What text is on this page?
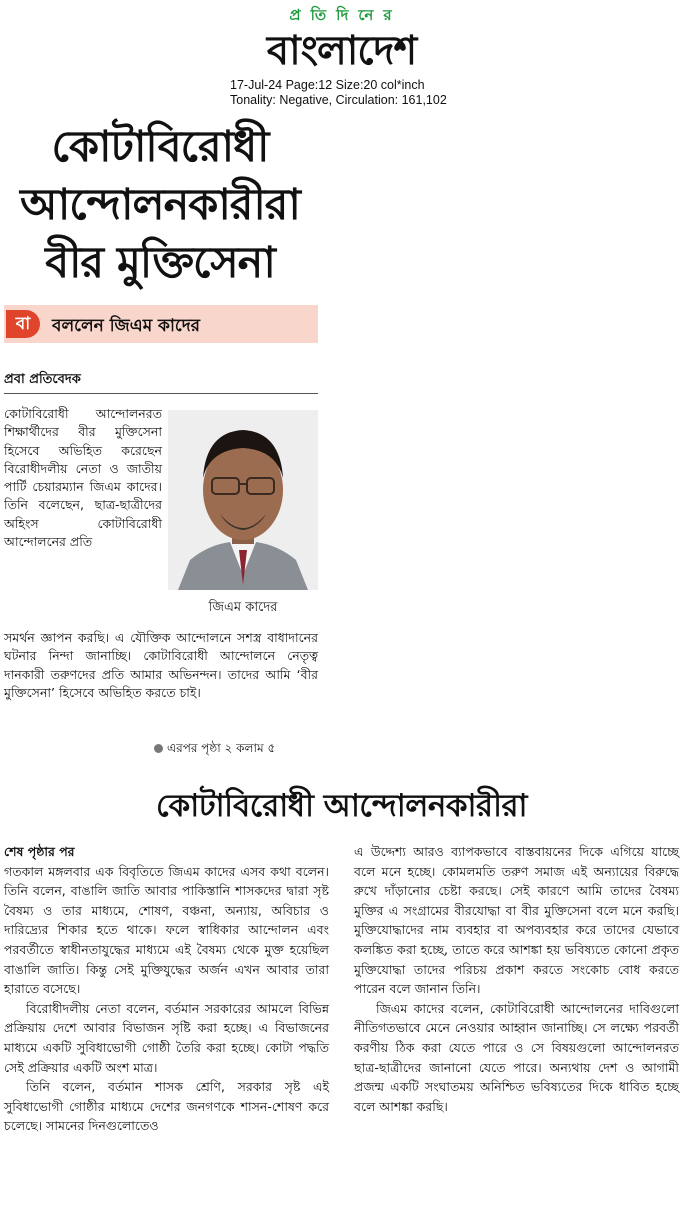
প্রতিদিনের
বাংলাদেশ
17-Jul-24 Page:12 Size:20 col*inch
Tonality: Negative, Circulation: 161,102
কোটাবিরোধী
আন্দোলনকারীরা
বীর মুক্তিসেনা
বা	বললেন জিএম কাদের
প্রবা প্রতিবেদক
কোটাবিরোধী আন্দোলনরত শিক্ষার্থীদের বীর মুক্তিসেনা হিসেবে অভিহিত করেছেন বিরোধীদলীয় নেতা ও জাতীয় পার্টি চেয়ারম্যান জিএম কাদের। তিনি বলেছেন, ছাত্র-ছাত্রীদের অহিংস কোটাবিরোধী আন্দোলনের প্রতি
জিএম কাদের
সমর্থন জ্ঞাপন করছি। এ যৌক্তিক আন্দোলনে সশস্ত্র বাধাদানের ঘটনার নিন্দা জানাচ্ছি। কোটাবিরোধী আন্দোলনে নেতৃত্ব দানকারী তরুণদের প্রতি আমার অভিনন্দন। তাদের আমি ‘বীর মুক্তিসেনা’ হিসেবে অভিহিত করতে চাই।
এরপর পৃষ্ঠা ২ কলাম ৫
কোটাবিরোধী আন্দোলনকারীরা

শেষ পৃষ্ঠার পর

গতকাল মঙ্গলবার এক বিবৃতিতে জিএম কাদের এসব কথা বলেন। তিনি বলেন, বাঙালি জাতি আবার পাকিস্তানি শাসকদের দ্বারা সৃষ্ট বৈষম্য ও তার মাধ্যমে, শোষণ, বঞ্চনা, অন্যায়, অবিচার ও দারিদ্র্যের শিকার হতে থাকে। ফলে স্বাধিকার আন্দোলন এবং পরবর্তীতে স্বাধীনতাযুদ্ধের মাধ্যমে এই বৈষম্য থেকে মুক্ত হয়েছিল বাঙালি জাতি। কিন্তু সেই মুক্তিযুদ্ধের অর্জন এখন আবার তারা হারাতে বসেছে।

বিরোধীদলীয় নেতা বলেন, বর্তমান সরকারের আমলে বিভিন্ন প্রক্রিয়ায় দেশে আবার বিভাজন সৃষ্টি করা হচ্ছে। এ বিভাজনের মাধ্যমে একটি সুবিধাভোগী গোষ্ঠী তৈরি করা হচ্ছে। কোটা পদ্ধতি সেই প্রক্রিয়ার একটি অংশ মাত্র।

তিনি বলেন, বর্তমান শাসক শ্রেণি, সরকার সৃষ্ট এই সুবিধাভোগী গোষ্ঠীর মাধ্যমে দেশের জনগণকে শাসন-শোষণ করে চলেছে। সামনের দিনগুলোতেও

এ উদ্দেশ্য আরও ব্যাপকভাবে বাস্তবায়নের দিকে এগিয়ে যাচ্ছে বলে মনে হচ্ছে। কোমলমতি তরুণ সমাজ এই অন্যায়ের বিরুদ্ধে রুখে দাঁড়ানোর চেষ্টা করছে। সেই কারণে আমি তাদের বৈষম্য মুক্তির এ সংগ্রামের বীরযোদ্ধা বা বীর মুক্তিসেনা বলে মনে করছি। মুক্তিযোদ্ধাদের নাম ব্যবহার বা অপব্যবহার করে তাদের যেভাবে কলঙ্কিত করা হচ্ছে, তাতে করে আশঙ্কা হয় ভবিষ্যতে কোনো প্রকৃত মুক্তিযোদ্ধা তাদের পরিচয় প্রকাশ করতে সংকোচ বোধ করতে পারেন বলে জানান তিনি।

জিএম কাদের বলেন, কোটাবিরোধী আন্দোলনের দাবিগুলো নীতিগতভাবে মেনে নেওয়ার আহ্বান জানাচ্ছি। সে লক্ষ্যে পরবর্তী করণীয় ঠিক করা যেতে পারে ও সে বিষয়গুলো আন্দোলনরত ছাত্র-ছাত্রীদের জানানো যেতে পারে। অন্যথায় দেশ ও আগামী প্রজন্ম একটি সংঘাতময় অনিশ্চিত ভবিষ্যতের দিকে ধাবিত হচ্ছে বলে আশঙ্কা করছি।
